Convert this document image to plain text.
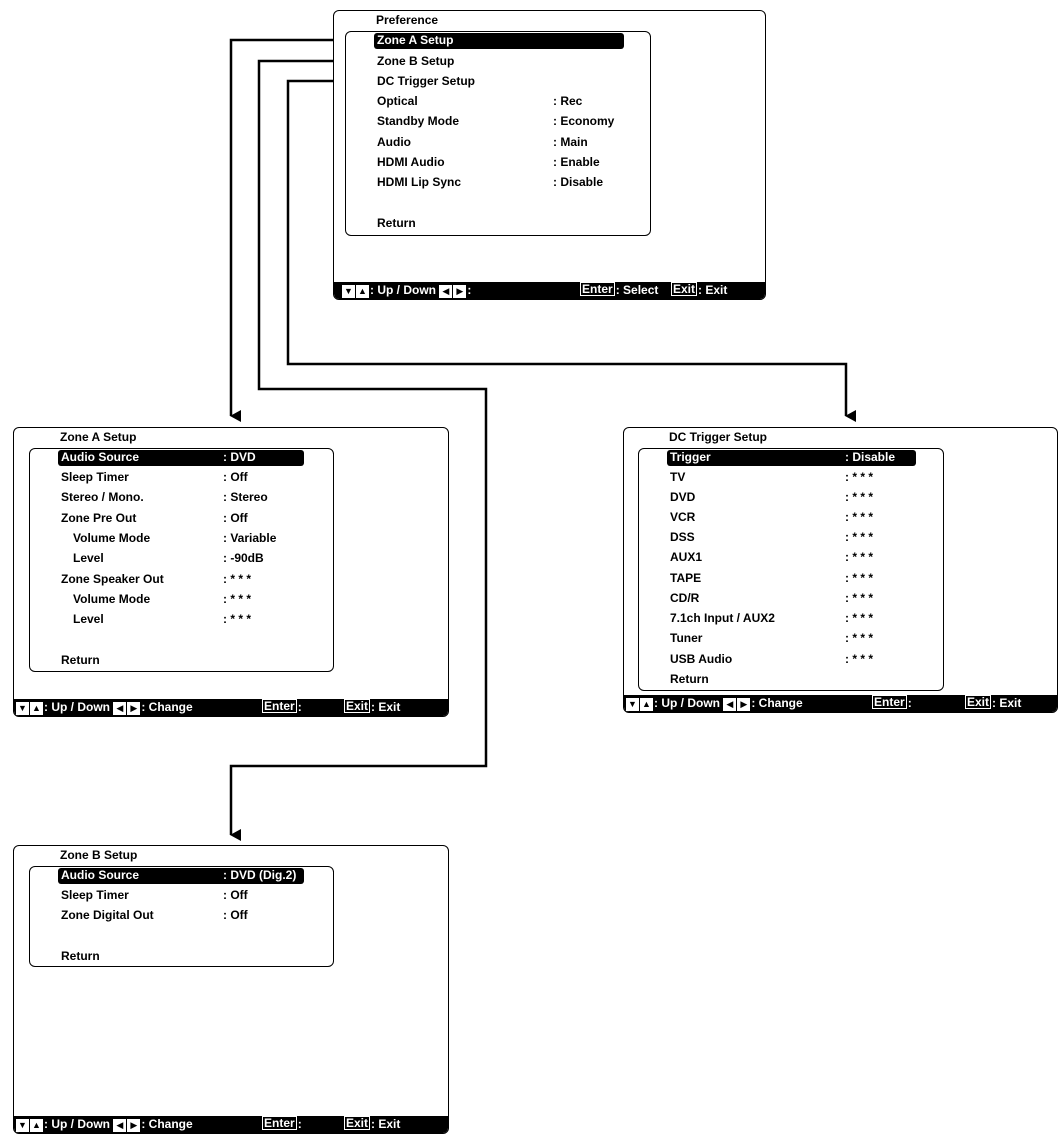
Preference
Zone A Setup
Zone B Setup
DC Trigger Setup
Optical	: Rec
Standby Mode	: Economy
Audio	: Main
HDMI Audio	: Enable
HDMI Lip Sync	: Disable
Return
▼ ▲ : Up / Down ◀ ▶ :	Enter : Select Exit : Exit
Zone A Setup
Audio Source	: DVD
Sleep Timer	: Off
Stereo / Mono.	: Stereo
Zone Pre Out	: Off
Volume Mode	: Variable
Level	: -90dB
Zone Speaker Out	: * * *
Volume Mode	: * * *
Level	: * * *
Return
▼ ▲ : Up / Down ◀ ▶ : Change	Enter :	Exit : Exit
DC Trigger Setup
Trigger	: Disable
TV	: * * *
DVD	: * * *
VCR	: * * *
DSS	: * * *
AUX1	: * * *
TAPE	: * * *
CD/R	: * * *
7.1ch Input / AUX2	: * * *
Tuner	: * * *
USB Audio	: * * *
Return
▼ ▲ : Up / Down ◀ ▶ : Change	Enter :	Exit : Exit
Zone B Setup
Audio Source	: DVD (Dig.2)
Sleep Timer	: Off
Zone Digital Out	: Off
Return
▼ ▲ : Up / Down ◀ ▶ : Change	Enter :	Exit : Exit
